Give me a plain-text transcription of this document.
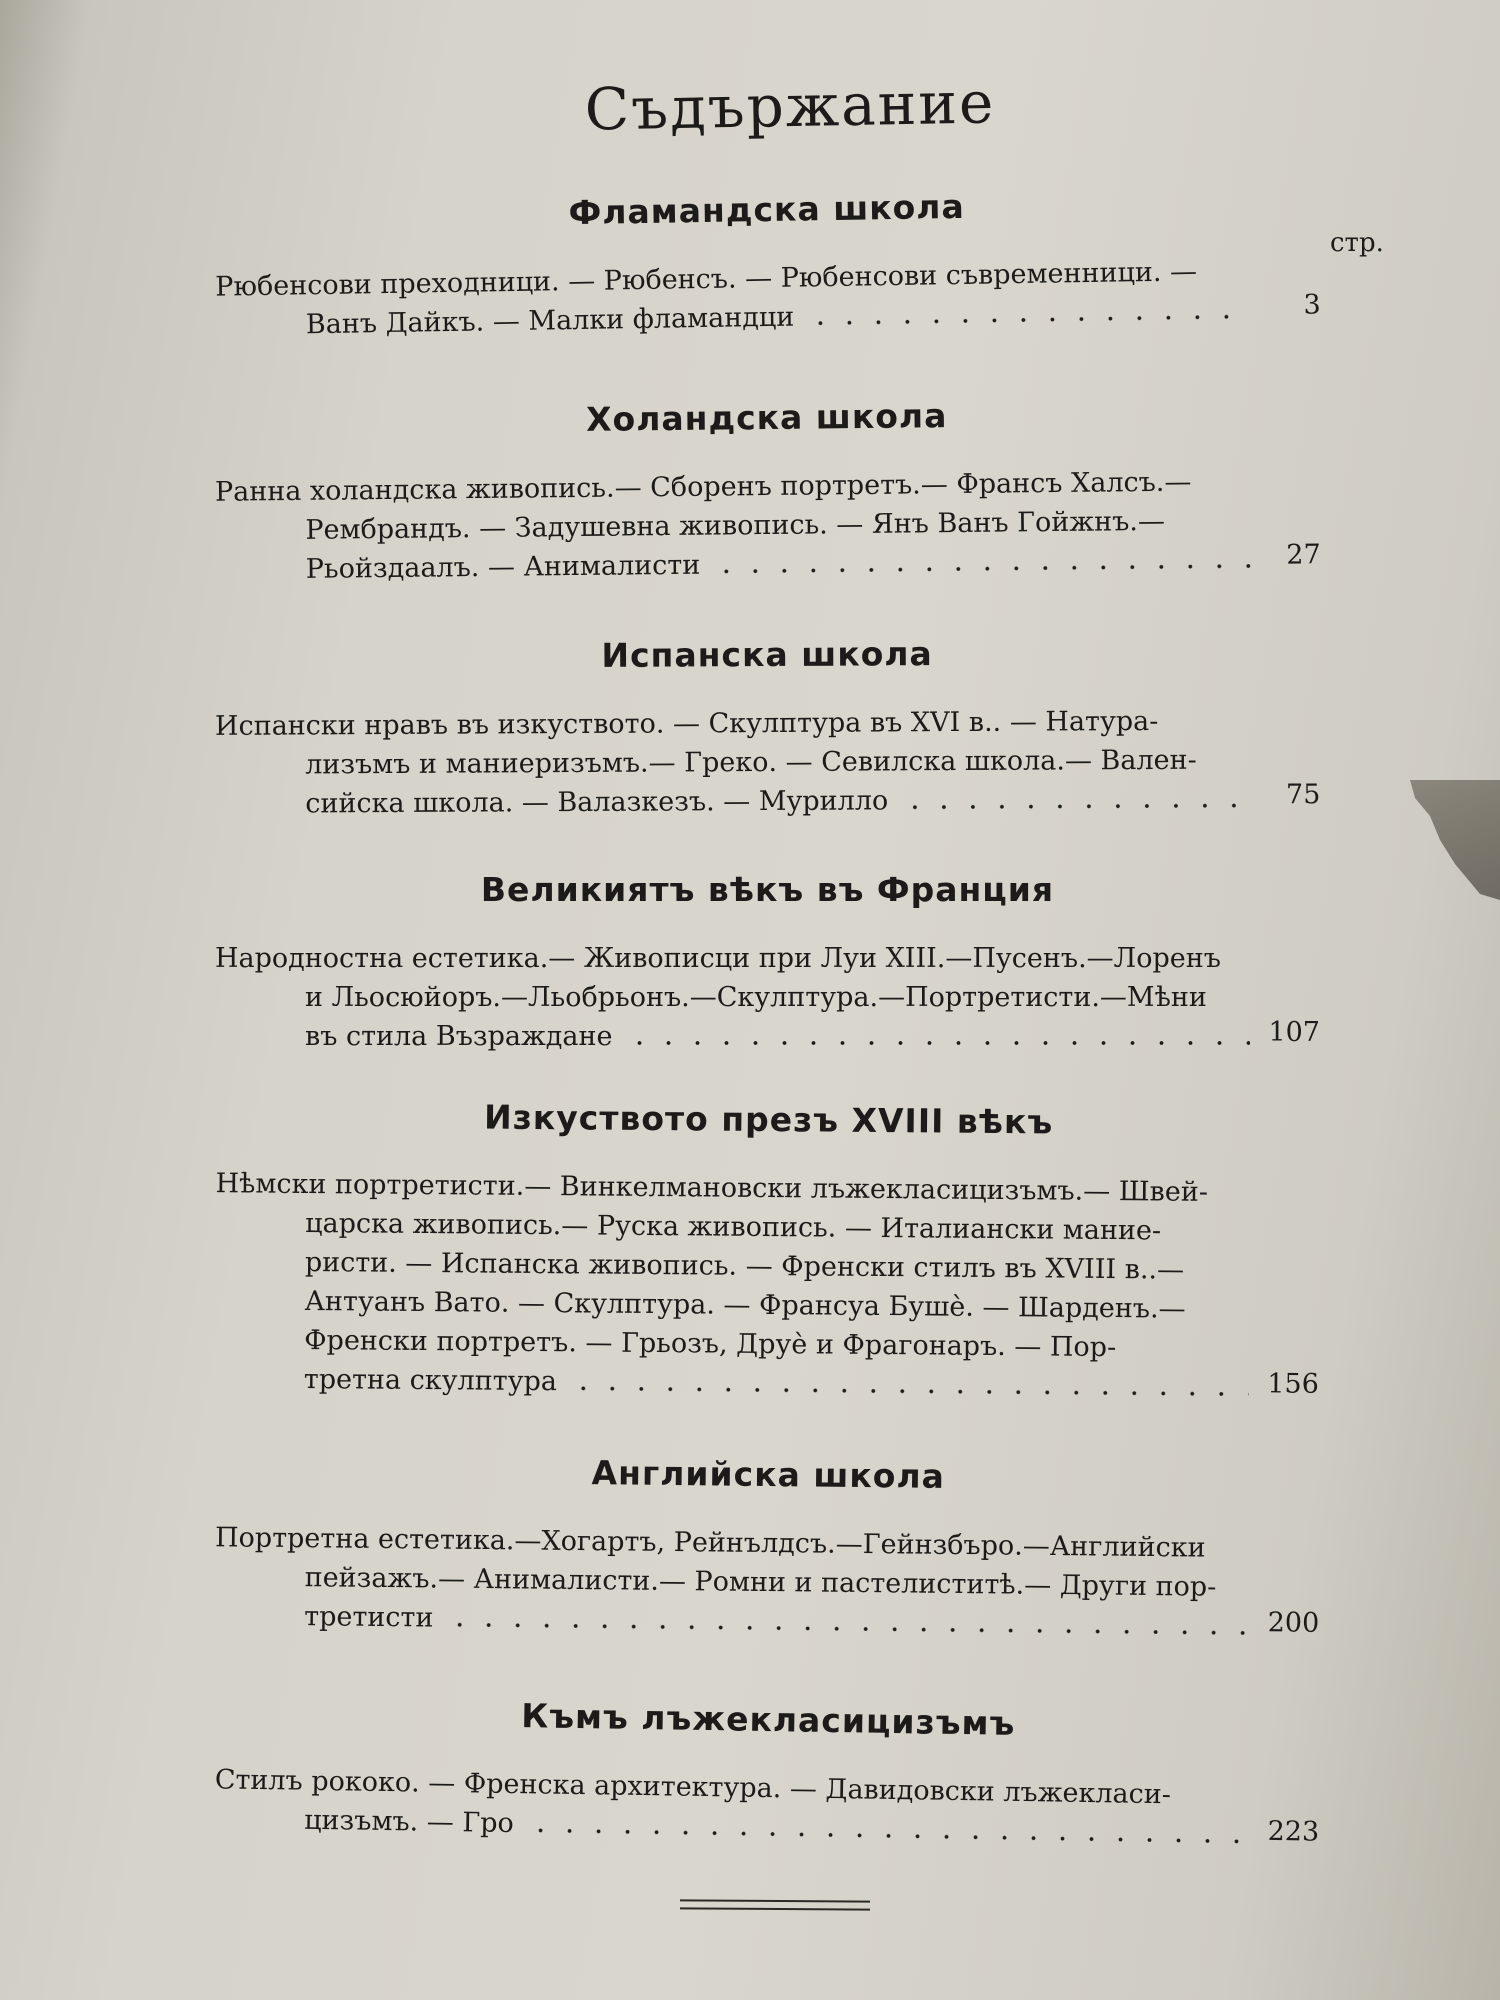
Съдържание
стр.
Фламандска школа
Рюбенсови преходници. — Рюбенсъ. — Рюбенсови съвременници. —
Ванъ Дайкъ. — Малки фламандци	3
Холандска школа
Ранна холандска живопись.— Сборенъ портретъ.— Франсъ Халсъ.—
Рембрандъ. — Задушевна живопись. — Янъ Ванъ Гойжнъ.—
Рьойздаалъ. — Анималисти	27
Испанска школа
Испански нравъ въ изкуството. — Скулптура въ XVI в.. — Натура-
лизъмъ и маниеризъмъ.— Греко. — Севилска школа.— Вален-
сийска школа. — Валазкезъ. — Мурилло	75
Великиятъ вѣкъ въ Франция
Народностна естетика.— Живописци при Луи XIII.—Пусенъ.—Лоренъ
и Льосюйоръ.—Льобрьонъ.—Скулптура.—Портретисти.—Мѣни
въ стила Възраждане	107
Изкуството презъ XVIII вѣкъ
Нѣмски портретисти.— Винкелмановски лъжекласицизъмъ.— Швей-
царска живопись.— Руска живопись. — Италиански мание-
ристи. — Испанска живопись. — Френски стилъ въ XVIII в..—
Антуанъ Вато. — Скулптура. — Франсуа Бушѐ. — Шарденъ.—
Френски портретъ. — Грьозъ, Друѐ и Фрагонаръ. — Пор-
третна скулптура	156
Английска школа
Портретна естетика.—Хогартъ, Рейнълдсъ.—Гейнзбъро.—Английски
пейзажъ.— Анималисти.— Ромни и пастелиститѣ.— Други пор-
третисти	200
Къмъ лъжекласицизъмъ
Стилъ рококо. — Френска архитектура. — Давидовски лъжекласи-
цизъмъ. — Гро	223
